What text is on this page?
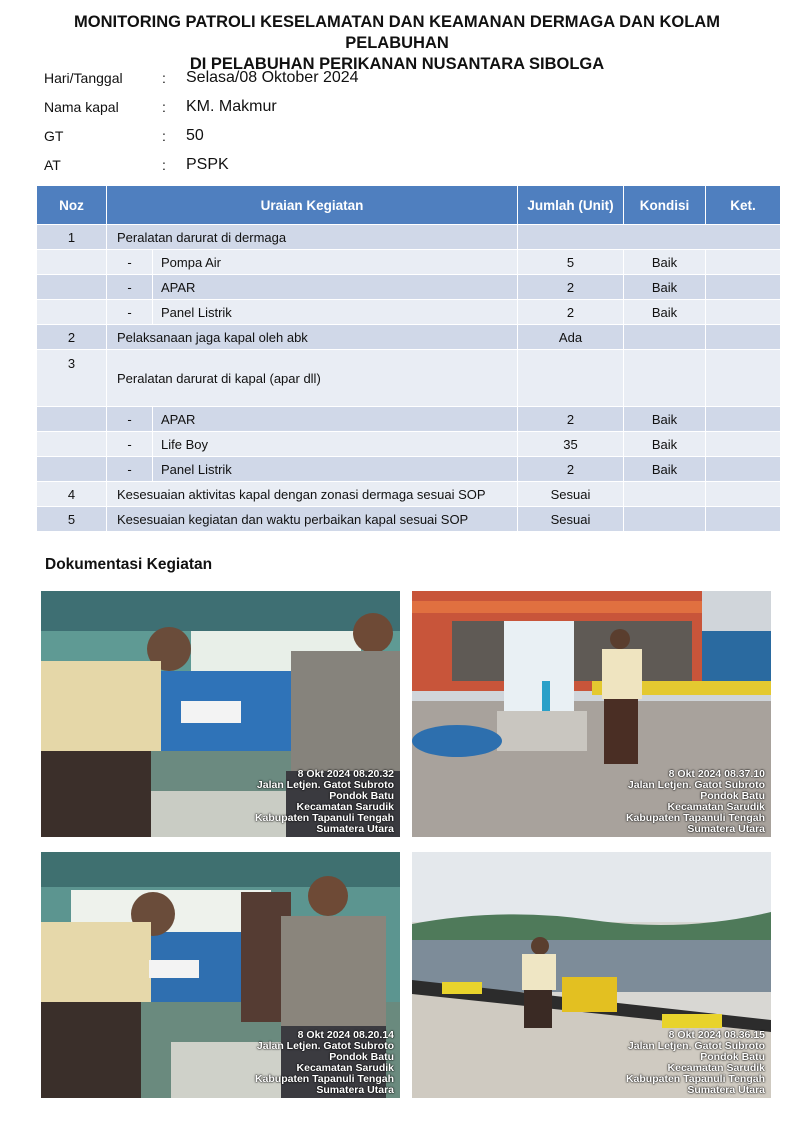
MONITORING PATROLI KESELAMATAN DAN KEAMANAN DERMAGA DAN KOLAM PELABUHAN
DI PELABUHAN PERIKANAN NUSANTARA SIBOLGA
Hari/Tanggal	:	Selasa/08 Oktober 2024
Nama kapal	:	KM. Makmur
GT	:	50
AT	:	PSPK
Noz	Uraian Kegiatan		Jumlah (Unit)	Kondisi	Ket.
1	Peralatan darurat di dermaga				
	-	Pompa Air	5	Baik	
	-	APAR	2	Baik	
	-	Panel Listrik	2	Baik	
2	Pelaksanaan jaga kapal oleh abk		Ada		
3	Peralatan darurat di kapal (apar dll)				
	-	APAR	2	Baik	
	-	Life Boy	35	Baik	
	-	Panel Listrik	2	Baik	
4	Kesesuaian aktivitas kapal dengan zonasi dermaga sesuai SOP		Sesuai		
5	Kesesuaian kegiatan dan waktu perbaikan kapal sesuai SOP		Sesuai		
Dokumentasi Kegiatan
8 Okt 2024 08.20.32
Jalan Letjen. Gatot Subroto
Pondok Batu
Kecamatan Sarudik
Kabupaten Tapanuli Tengah
Sumatera Utara
8 Okt 2024 08.37.10
Jalan Letjen. Gatot Subroto
Pondok Batu
Kecamatan Sarudik
Kabupaten Tapanuli Tengah
Sumatera Utara
8 Okt 2024 08.20.14
Jalan Letjen. Gatot Subroto
Pondok Batu
Kecamatan Sarudik
Kabupaten Tapanuli Tengah
Sumatera Utara
8 Okt 2024 08.36.15
Jalan Letjen. Gatot Subroto
Pondok Batu
Kecamatan Sarudik
Kabupaten Tapanuli Tengah
Sumatera Utara
